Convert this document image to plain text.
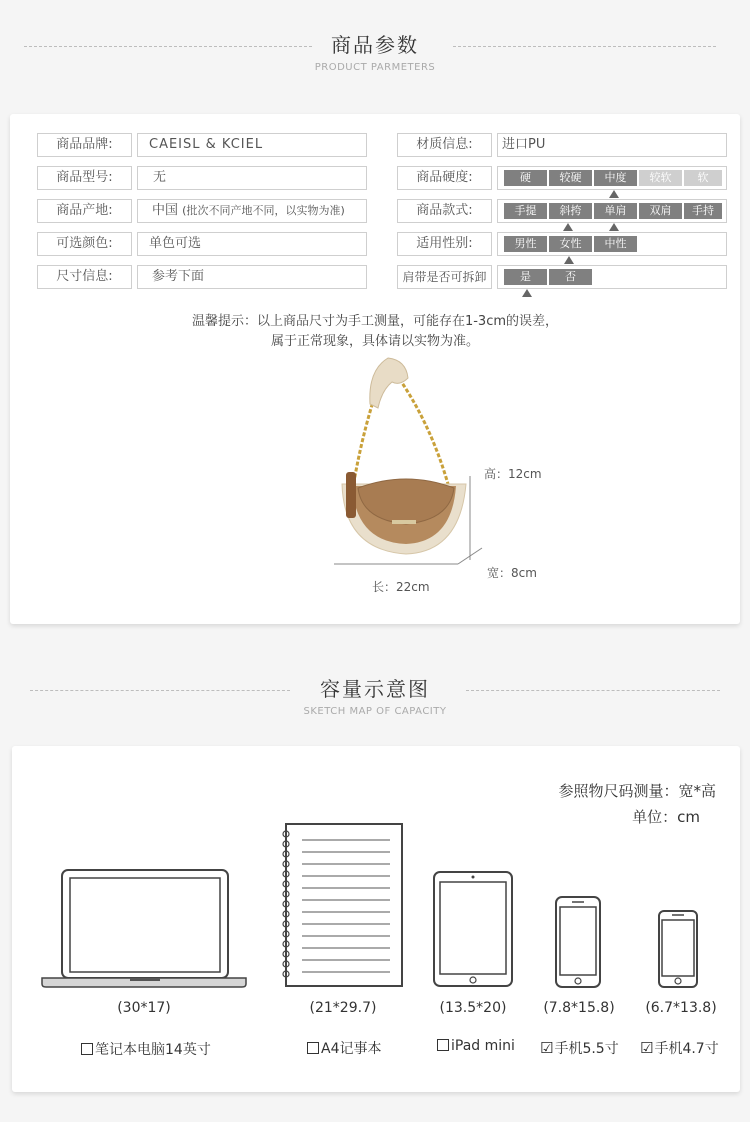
商品参数
PRODUCT PARMETERS
商品品牌:	CAEISL & KCIEL
商品型号:	无
商品产地:	中国 (批次不同产地不同，以实物为准)
可选颜色:	单色可选
尺寸信息:	参考下面
材质信息:	进口PU
商品硬度:	硬	较硬	中度	较软	软
商品款式:	手提	斜挎	单肩	双肩	手持
适用性别:	男性	女性	中性
肩带是否可拆卸	是	否
温馨提示：以上商品尺寸为手工测量，可能存在1-3cm的误差，
属于正常现象，具体请以实物为准。
高：12cm
长：22cm
宽：8cm
容量示意图
SKETCH MAP OF CAPACITY
参照物尺码测量：宽*高
单位：cm
(30*17)	(21*29.7)	(13.5*20)	(7.8*15.8)	(6.7*13.8)
笔记本电脑14英寸	A4记事本	iPad mini ☑手机5.5寸 ☑手机4.7寸
